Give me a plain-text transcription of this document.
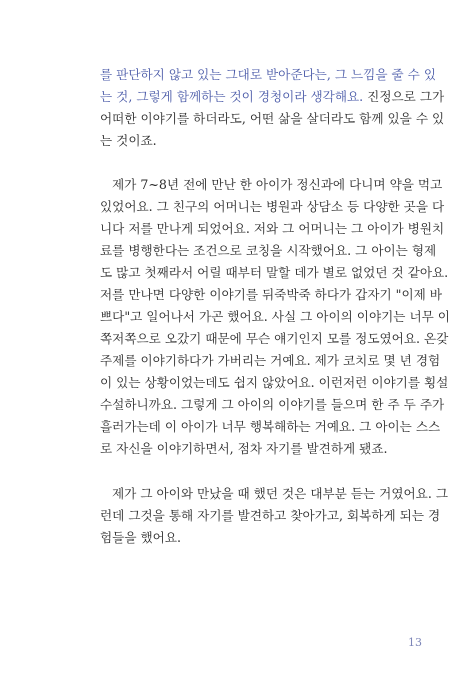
를 판단하지 않고 있는 그대로 받아준다는, 그 느낌을 줄 수 있
는 것, 그렇게 함께하는 것이 경청이라 생각해요. 진정으로 그가
어떠한 이야기를 하더라도, 어떤 삶을 살더라도 함께 있을 수 있
는 것이죠.
제가 7~8년 전에 만난 한 아이가 정신과에 다니며 약을 먹고
있었어요. 그 친구의 어머니는 병원과 상담소 등 다양한 곳을 다
니다 저를 만나게 되었어요. 저와 그 어머니는 그 아이가 병원치
료를 병행한다는 조건으로 코칭을 시작했어요. 그 아이는 형제
도 많고 첫째라서 어릴 때부터 말할 데가 별로 없었던 것 같아요.
저를 만나면 다양한 이야기를 뒤죽박죽 하다가 갑자기 "이제 바
쁘다"고 일어나서 가곤 했어요. 사실 그 아이의 이야기는 너무 이
쪽저쪽으로 오갔기 때문에 무슨 얘기인지 모를 정도였어요. 온갖
주제를 이야기하다가 가버리는 거예요. 제가 코치로 몇 년 경험
이 있는 상황이었는데도 쉽지 않았어요. 이런저런 이야기를 횡설
수설하니까요. 그렇게 그 아이의 이야기를 들으며 한 주 두 주가
흘러가는데 이 아이가 너무 행복해하는 거예요. 그 아이는 스스
로 자신을 이야기하면서, 점차 자기를 발견하게 됐죠.
제가 그 아이와 만났을 때 했던 것은 대부분 듣는 거였어요. 그
런데 그것을 통해 자기를 발견하고 찾아가고, 회복하게 되는 경
험들을 했어요.
13
